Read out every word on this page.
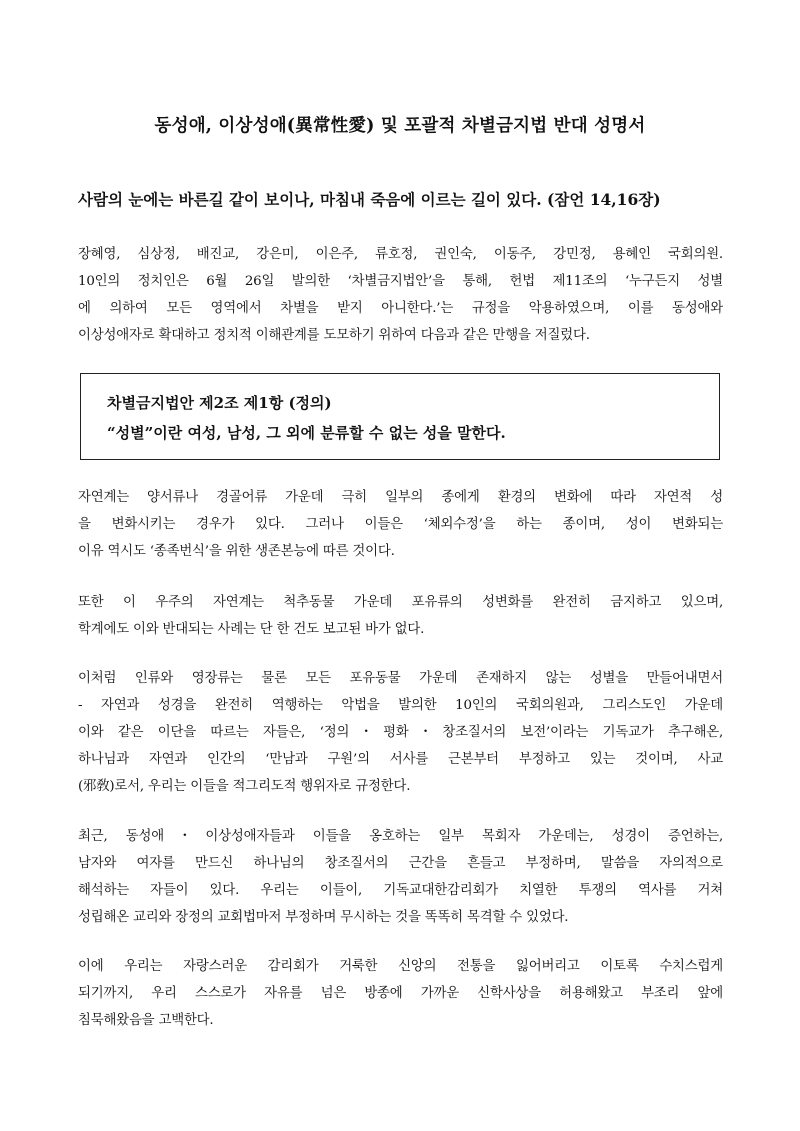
동성애, 이상성애(異常性愛) 및 포괄적 차별금지법 반대 성명서
사람의 눈에는 바른길 같이 보이나, 마침내 죽음에 이르는 길이 있다. (잠언 14,16장)
장혜영, 심상정, 배진교, 강은미, 이은주, 류호정, 권인숙, 이동주, 강민정, 용혜인 국회의원.
10인의 정치인은 6월 26일 발의한 ‘차별금지법안’을 통해, 헌법 제11조의 ‘누구든지 성별
에 의하여 모든 영역에서 차별을 받지 아니한다.’는 규정을 악용하였으며, 이를 동성애와
이상성애자로 확대하고 정치적 이해관계를 도모하기 위하여 다음과 같은 만행을 저질렀다.
차별금지법안 제2조 제1항 (정의)
“성별”이란 여성, 남성, 그 외에 분류할 수 없는 성을 말한다.
자연계는 양서류나 경골어류 가운데 극히 일부의 종에게 환경의 변화에 따라 자연적 성
을 변화시키는 경우가 있다. 그러나 이들은 ‘체외수정’을 하는 종이며, 성이 변화되는
이유 역시도 ‘종족번식’을 위한 생존본능에 따른 것이다.
또한 이 우주의 자연계는 척추동물 가운데 포유류의 성변화를 완전히 금지하고 있으며,
학계에도 이와 반대되는 사례는 단 한 건도 보고된 바가 없다.
이처럼 인류와 영장류는 물론 모든 포유동물 가운데 존재하지 않는 성별을 만들어내면서
- 자연과 성경을 완전히 역행하는 악법을 발의한 10인의 국회의원과, 그리스도인 가운데
이와 같은 이단을 따르는 자들은, ‘정의・평화・창조질서의 보전’이라는 기독교가 추구해온,
하나님과 자연과 인간의 ‘만남과 구원’의 서사를 근본부터 부정하고 있는 것이며, 사교
(邪敎)로서, 우리는 이들을 적그리도적 행위자로 규정한다.
최근, 동성애・이상성애자들과 이들을 옹호하는 일부 목회자 가운데는, 성경이 증언하는,
남자와 여자를 만드신 하나님의 창조질서의 근간을 흔들고 부정하며, 말씀을 자의적으로
해석하는 자들이 있다. 우리는 이들이, 기독교대한감리회가 치열한 투쟁의 역사를 거쳐
성립해온 교리와 장정의 교회법마저 부정하며 무시하는 것을 똑똑히 목격할 수 있었다.
이에 우리는 자랑스러운 감리회가 거룩한 신앙의 전통을 잃어버리고 이토록 수치스럽게
되기까지, 우리 스스로가 자유를 넘은 방종에 가까운 신학사상을 허용해왔고 부조리 앞에
침묵해왔음을 고백한다.
